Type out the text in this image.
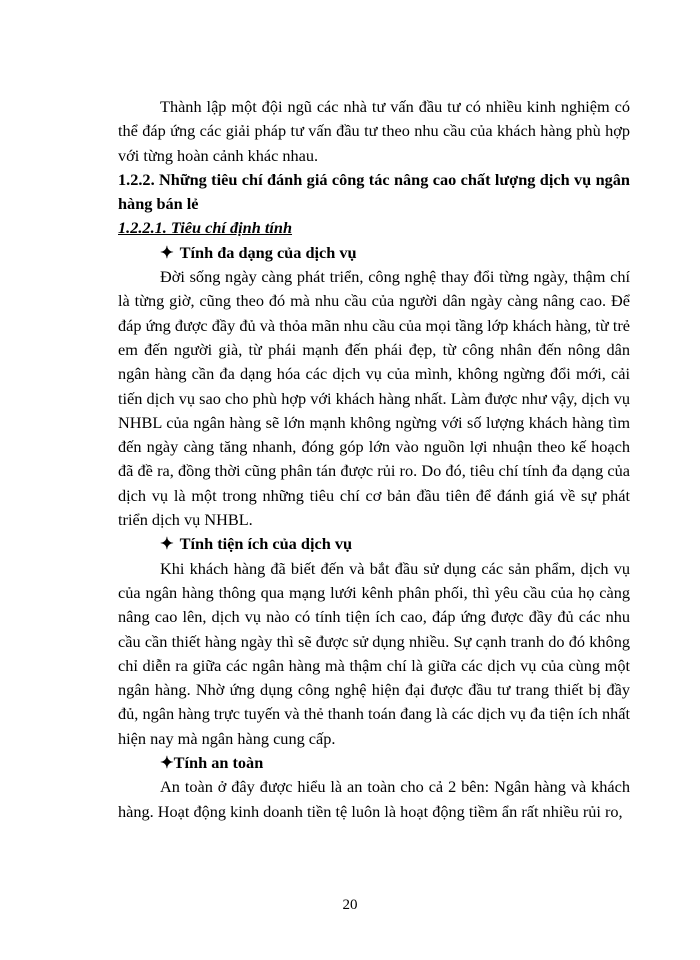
Thành lập một đội ngũ các nhà tư vấn đầu tư có nhiều kinh nghiệm có thể đáp ứng các giải pháp tư vấn đầu tư theo nhu cầu của khách hàng phù hợp với từng hoàn cảnh khác nhau.

1.2.2. Những tiêu chí đánh giá công tác nâng cao chất lượng dịch vụ ngân hàng bán lẻ

1.2.2.1. Tiêu chí định tính

✦ Tính đa dạng của dịch vụ

Đời sống ngày càng phát triển, công nghệ thay đổi từng ngày, thậm chí là từng giờ, cũng theo đó mà nhu cầu của người dân ngày càng nâng cao. Để đáp ứng được đầy đủ và thỏa mãn nhu cầu của mọi tầng lớp khách hàng, từ trẻ em đến người già, từ phái mạnh đến phái đẹp, từ công nhân đến nông dân ngân hàng cần đa dạng hóa các dịch vụ của mình, không ngừng đổi mới, cải tiến dịch vụ sao cho phù hợp với khách hàng nhất. Làm được như vậy, dịch vụ NHBL của ngân hàng sẽ lớn mạnh không ngừng với số lượng khách hàng tìm đến ngày càng tăng nhanh, đóng góp lớn vào nguồn lợi nhuận theo kế hoạch đã đề ra, đồng thời cũng phân tán được rủi ro. Do đó, tiêu chí tính đa dạng của dịch vụ là một trong những tiêu chí cơ bản đầu tiên để đánh giá về sự phát triển dịch vụ NHBL.

✦ Tính tiện ích của dịch vụ

Khi khách hàng đã biết đến và bắt đầu sử dụng các sản phẩm, dịch vụ của ngân hàng thông qua mạng lưới kênh phân phối, thì yêu cầu của họ càng nâng cao lên, dịch vụ nào có tính tiện ích cao, đáp ứng được đầy đủ các nhu cầu cần thiết hàng ngày thì sẽ được sử dụng nhiều. Sự cạnh tranh do đó không chỉ diễn ra giữa các ngân hàng mà thậm chí là giữa các dịch vụ của cùng một ngân hàng. Nhờ ứng dụng công nghệ hiện đại được đầu tư trang thiết bị đầy đủ, ngân hàng trực tuyến và thẻ thanh toán đang là các dịch vụ đa tiện ích nhất hiện nay mà ngân hàng cung cấp.

✦Tính an toàn

An toàn ở đây được hiểu là an toàn cho cả 2 bên: Ngân hàng và khách hàng. Hoạt động kinh doanh tiền tệ luôn là hoạt động tiềm ẩn rất nhiều rủi ro,

20
